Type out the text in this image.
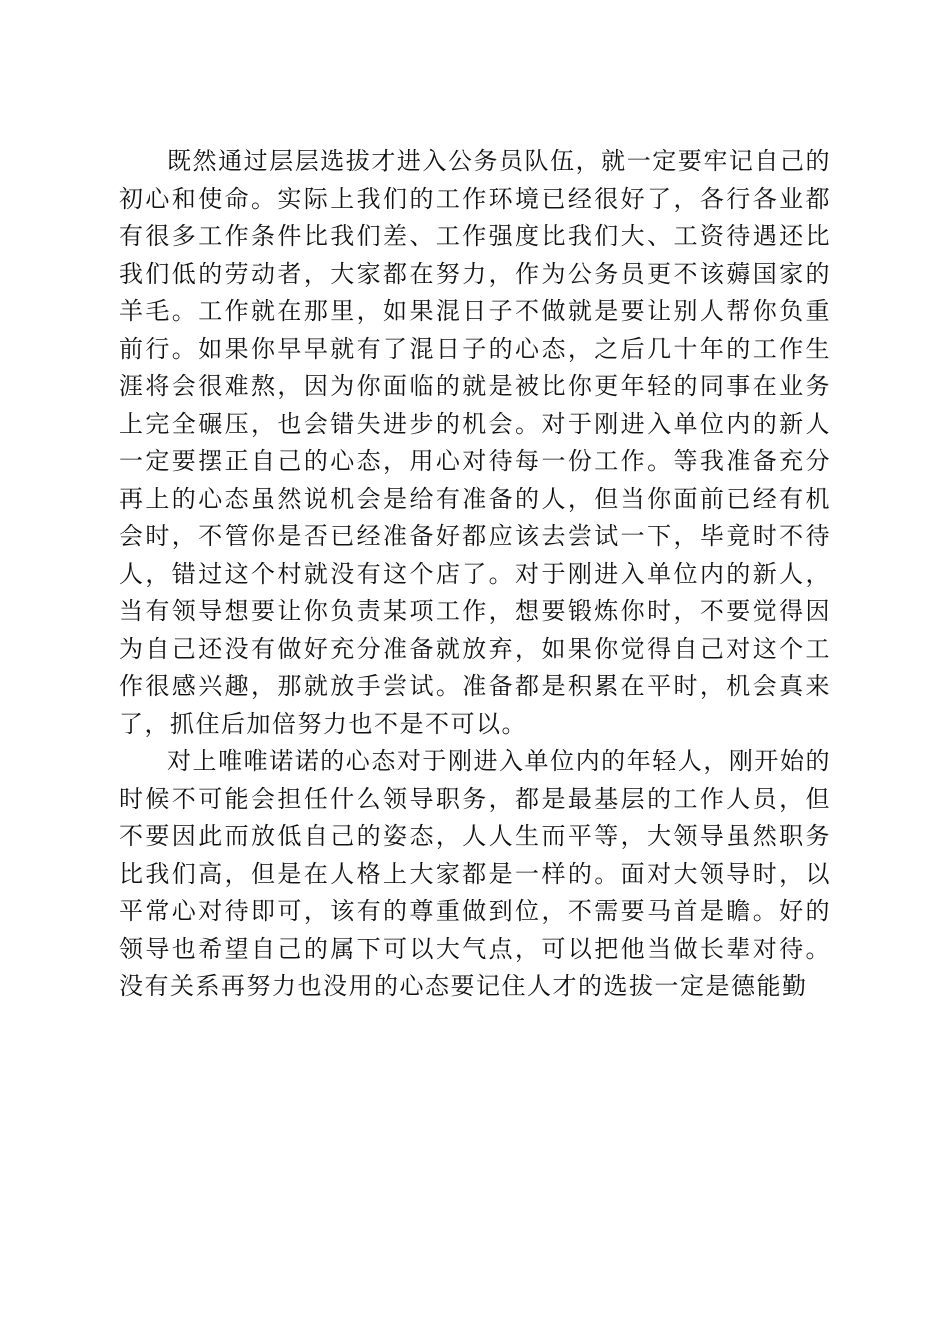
既然通过层层选拔才进入公务员队伍，就一定要牢记自己的初心和使命。实际上我们的工作环境已经很好了，各行各业都有很多工作条件比我们差、工作强度比我们大、工资待遇还比我们低的劳动者，大家都在努力，作为公务员更不该薅国家的羊毛。工作就在那里，如果混日子不做就是要让别人帮你负重前行。如果你早早就有了混日子的心态，之后几十年的工作生涯将会很难熬，因为你面临的就是被比你更年轻的同事在业务上完全碾压，也会错失进步的机会。对于刚进入单位内的新人一定要摆正自己的心态，用心对待每一份工作。等我准备充分再上的心态虽然说机会是给有准备的人，但当你面前已经有机会时，不管你是否已经准备好都应该去尝试一下，毕竟时不待人，错过这个村就没有这个店了。对于刚进入单位内的新人，当有领导想要让你负责某项工作，想要锻炼你时，不要觉得因为自己还没有做好充分准备就放弃，如果你觉得自己对这个工作很感兴趣，那就放手尝试。准备都是积累在平时，机会真来了，抓住后加倍努力也不是不可以。

对上唯唯诺诺的心态对于刚进入单位内的年轻人，刚开始的时候不可能会担任什么领导职务，都是最基层的工作人员，但不要因此而放低自己的姿态，人人生而平等，大领导虽然职务比我们高，但是在人格上大家都是一样的。面对大领导时，以平常心对待即可，该有的尊重做到位，不需要马首是瞻。好的领导也希望自己的属下可以大气点，可以把他当做长辈对待。没有关系再努力也没用的心态要记住人才的选拔一定是德能勤
